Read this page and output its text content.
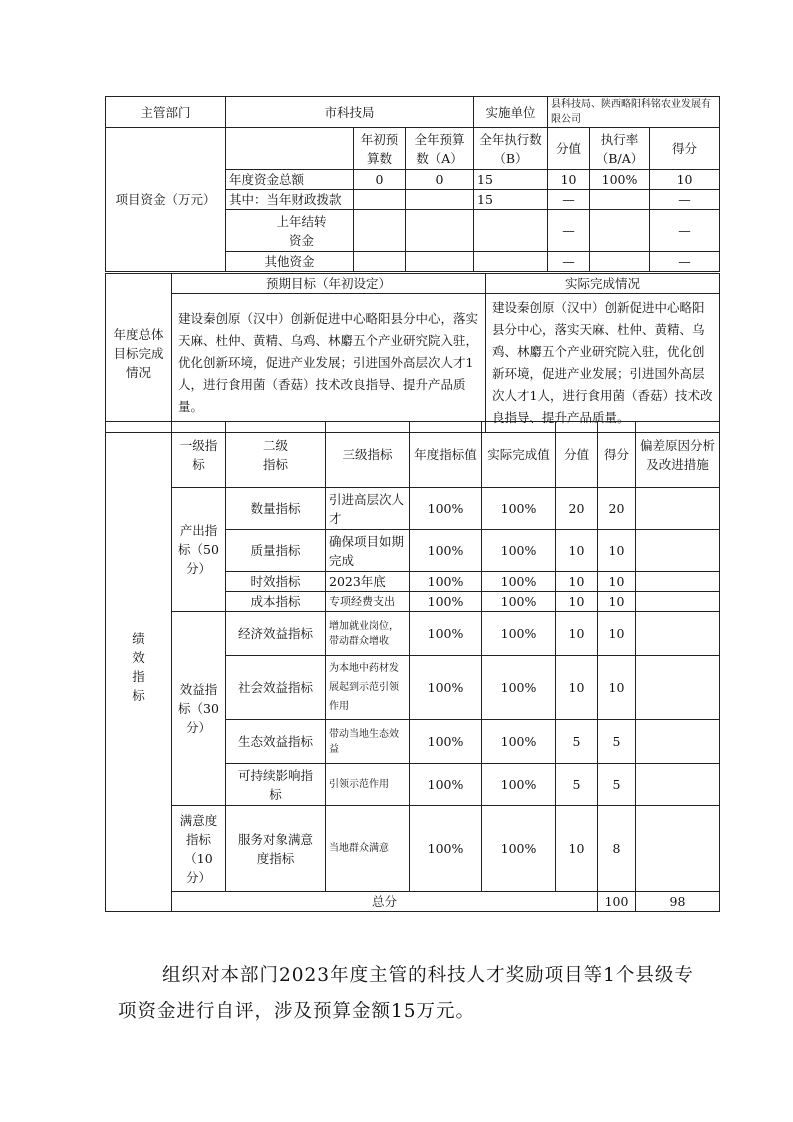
主管部门	市科技局			实施单位	县科技局、陕西略阳科铭农业发展有限公司		
项目资金（万元）		年初预算数	全年预算数（A）	全年执行数（B）	分值	执行率（B/A）	得分
	年度资金总额	0	0	15	10	100%	10
	其中：当年财政拨款			15	—		—
	上年结转资金				—		—
	其他资金				—		—
年度总体目标完成情况	预期目标（年初设定）	实际完成情况
	建设秦创原（汉中）创新促进中心略阳县分中心，落实天麻、杜仲、黄精、乌鸡、林麝五个产业研究院入驻，优化创新环境，促进产业发展；引进国外高层次人才1人，进行食用菌（香菇）技术改良指导、提升产品质量。	建设秦创原（汉中）创新促进中心略阳县分中心，落实天麻、杜仲、黄精、乌鸡、林麝五个产业研究院入驻，优化创新环境，促进产业发展；引进国外高层次人才1人，进行食用菌（香菇）技术改良指导、提升产品质量。
绩效指标	一级指标	二级指标	三级指标	年度指标值	实际完成值	分值	得分	偏差原因分析及改进措施	
	产出指标（50分）	数量指标	引进高层次人才	100%	100%	20	20		
		质量指标	确保项目如期完成	100%	100%	10	10		
		时效指标	2023年底	100%	100%	10	10		
		成本指标	专项经费支出	100%	100%	10	10		
	效益指标（30分）	经济效益指标	增加就业岗位，带动群众增收	100%	100%	10	10		
		社会效益指标	为本地中药材发展起到示范引领作用	100%	100%	10	10		
		生态效益指标	带动当地生态效益	100%	100%	5	5		
		可持续影响指标	引领示范作用	100%	100%	5	5		
	满意度指标（10分）	服务对象满意度指标	当地群众满意	100%	100%	10	8		
	总分						100	98	
组织对本部门2023年度主管的科技人才奖励项目等1个县级专项资金进行自评，涉及预算金额15万元。
